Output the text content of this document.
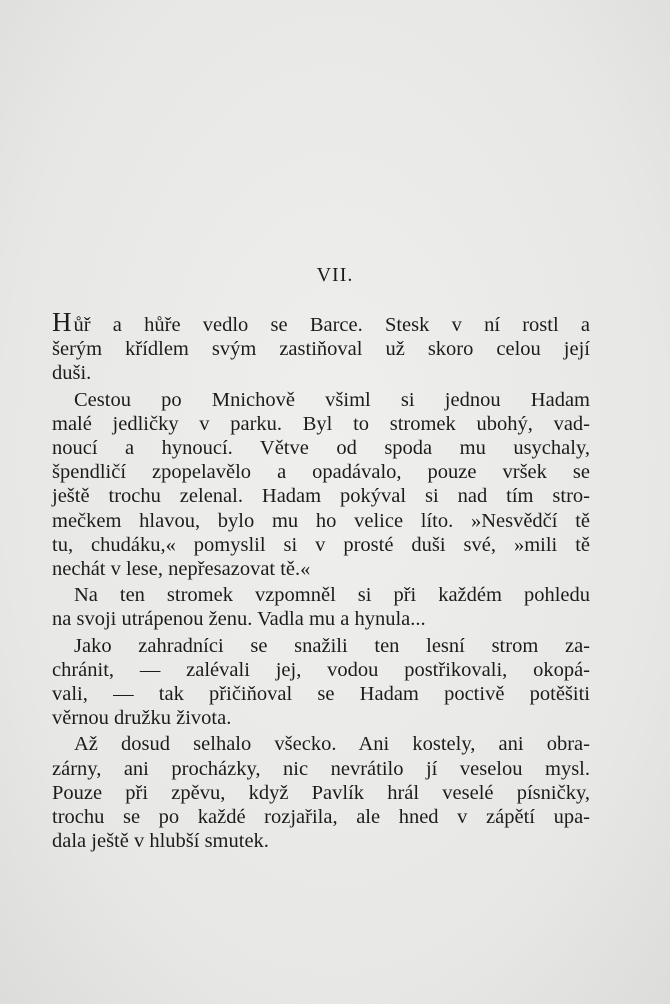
VII.
Hůř a hůře vedlo se Barce. Stesk v ní rostl a
šerým křídlem svým zastiňoval už skoro celou její
duši.
Cestou po Mnichově všiml si jednou Hadam
malé jedličky v parku. Byl to stromek ubohý, vad-
noucí a hynoucí. Větve od spoda mu usychaly,
špendličí zpopelavělo a opadávalo, pouze vršek se
ještě trochu zelenal. Hadam pokýval si nad tím stro-
mečkem hlavou, bylo mu ho velice líto. »Nesvědčí tě
tu, chudáku,« pomyslil si v prosté duši své, »mili tě
nechát v lese, nepřesazovat tě.«
Na ten stromek vzpomněl si při každém pohledu
na svoji utrápenou ženu. Vadla mu a hynula...
Jako zahradníci se snažili ten lesní strom za-
chránit, — zalévali jej, vodou postřikovali, okopá-
vali, — tak přičiňoval se Hadam poctivě potěšiti
věrnou družku života.
Až dosud selhalo všecko. Ani kostely, ani obra-
zárny, ani procházky, nic nevrátilo jí veselou mysl.
Pouze při zpěvu, když Pavlík hrál veselé písničky,
trochu se po každé rozjařila, ale hned v zápětí upa-
dala ještě v hlubší smutek.
